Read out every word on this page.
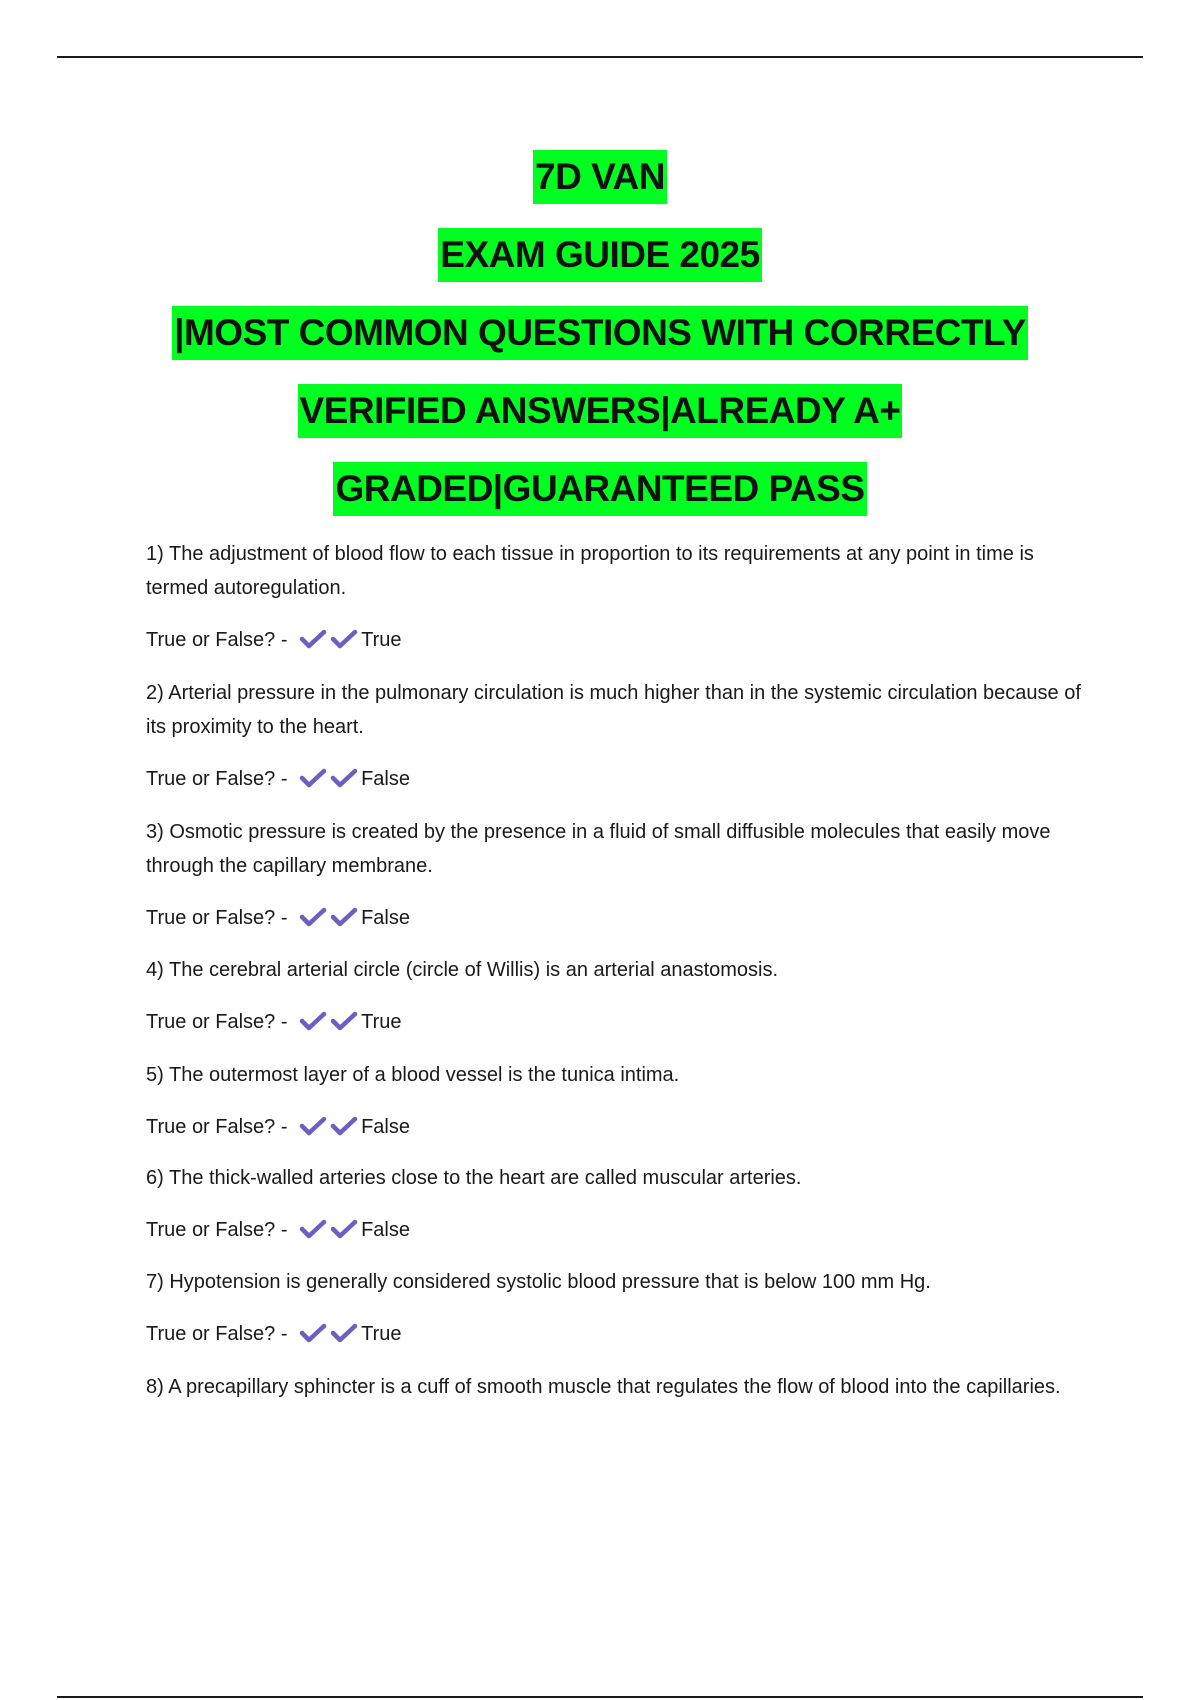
7D VAN
EXAM GUIDE 2025
|MOST COMMON QUESTIONS WITH CORRECTLY
VERIFIED ANSWERS|ALREADY A+
GRADED|GUARANTEED PASS

1) The adjustment of blood flow to each tissue in proportion to its requirements at any point in time is termed autoregulation.

True or False? -	True

2) Arterial pressure in the pulmonary circulation is much higher than in the systemic circulation because of its proximity to the heart.

True or False? -	False

3) Osmotic pressure is created by the presence in a fluid of small diffusible molecules that easily move through the capillary membrane.

True or False? -	False

4) The cerebral arterial circle (circle of Willis) is an arterial anastomosis.

True or False? -	True

5) The outermost layer of a blood vessel is the tunica intima.

True or False? -	False

6) The thick-walled arteries close to the heart are called muscular arteries.

True or False? -	False

7) Hypotension is generally considered systolic blood pressure that is below 100 mm Hg.

True or False? -	True

8) A precapillary sphincter is a cuff of smooth muscle that regulates the flow of blood into the capillaries.
